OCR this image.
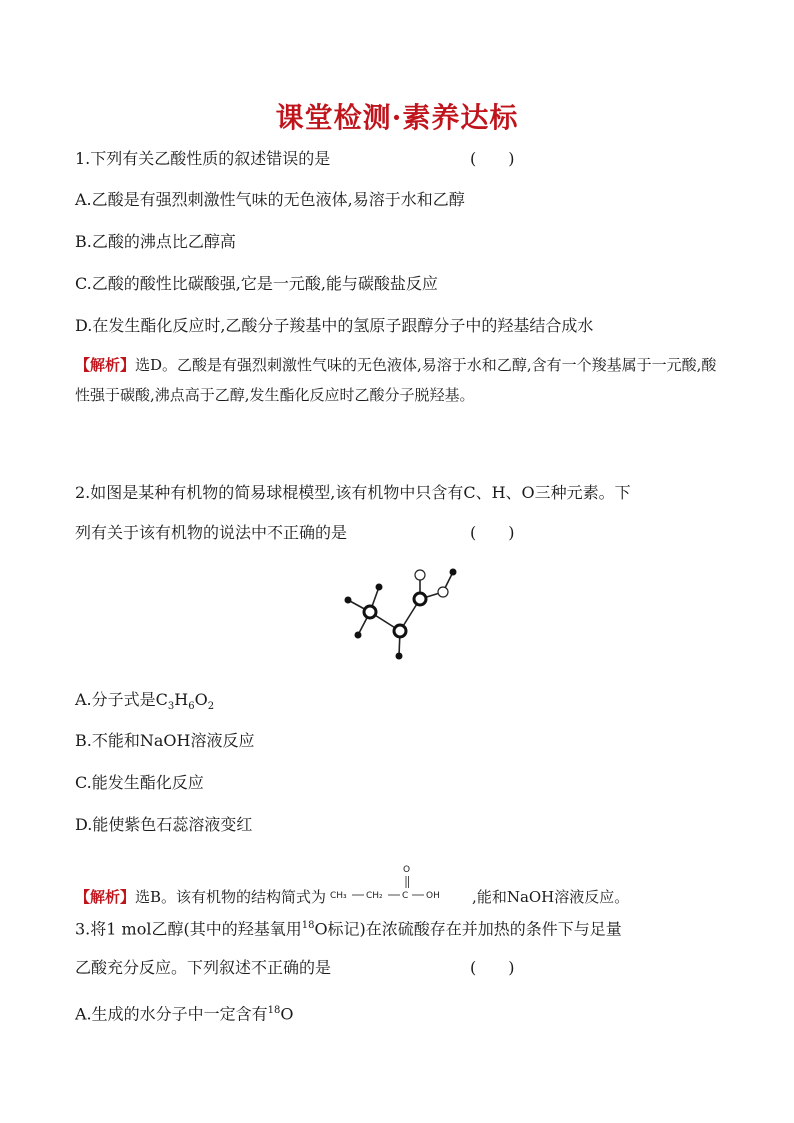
课堂检测·素养达标
1.下列有关乙酸性质的叙述错误的是	(　　)
A.乙酸是有强烈刺激性气味的无色液体,易溶于水和乙醇
B.乙酸的沸点比乙醇高
C.乙酸的酸性比碳酸强,它是一元酸,能与碳酸盐反应
D.在发生酯化反应时,乙酸分子羧基中的氢原子跟醇分子中的羟基结合成水
【解析】选D。乙酸是有强烈刺激性气味的无色液体,易溶于水和乙醇,含有一个羧基属于一元酸,酸性强于碳酸,沸点高于乙醇,发生酯化反应时乙酸分子脱羟基。
2.如图是某种有机物的简易球棍模型,该有机物中只含有C、H、O三种元素。下
列有关于该有机物的说法中不正确的是	(　　)
A.分子式是$C_3H_6O_2$
B.不能和NaOH溶液反应
C.能发生酯化反应
D.能使紫色石蕊溶液变红
【解析】选B。该有机物的结构简式为 CH₃ CH₂ C
O
OH ,能和NaOH溶液反应。
3.将1 mol乙醇(其中的羟基氧用$^{18}$O标记)在浓硫酸存在并加热的条件下与足量
乙酸充分反应。下列叙述不正确的是	(　　)
A.生成的水分子中一定含有$^{18}$O
